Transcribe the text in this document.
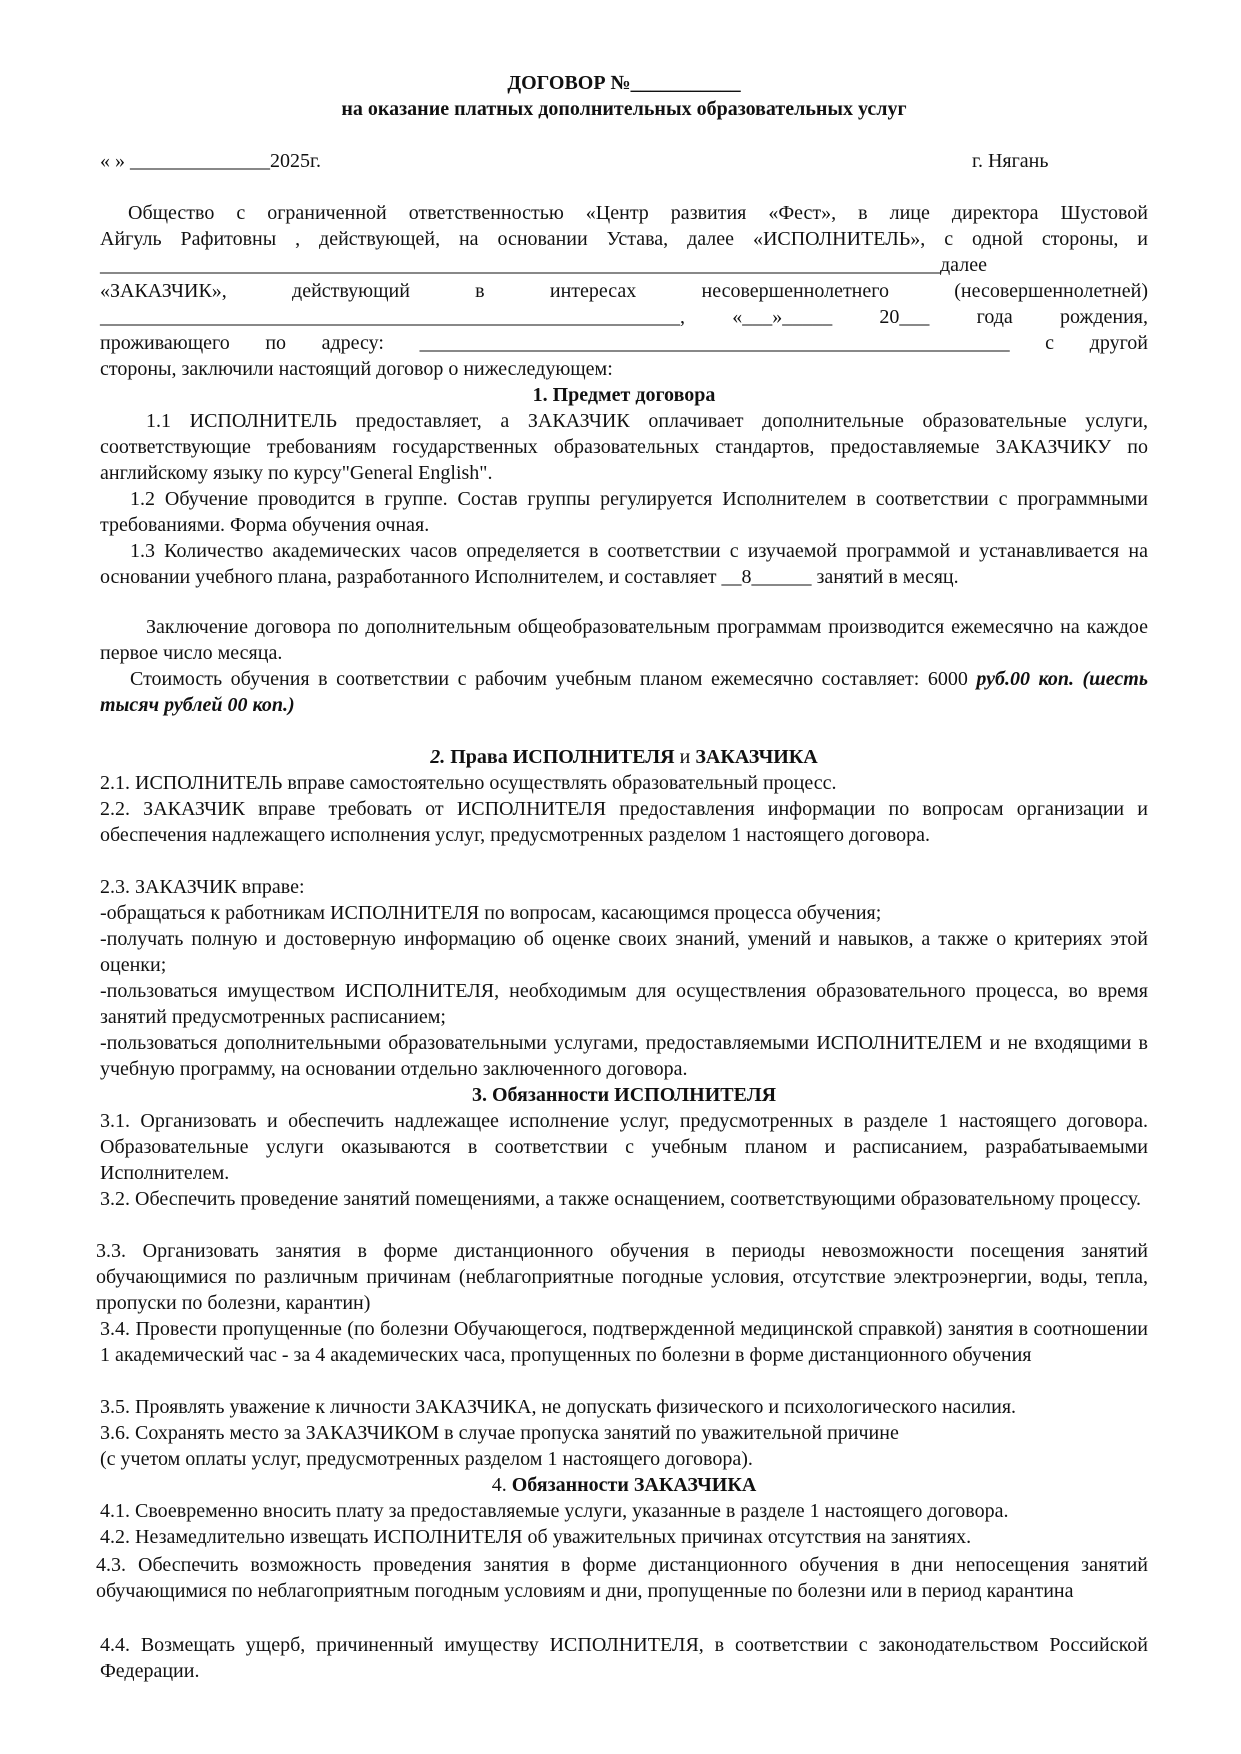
ДОГОВОР №___________
на оказание платных дополнительных образовательных услуг
« » ______________2025г.	г. Нягань
Общество с ограниченной ответственностью «Центр развития «Фест», в лице директора Шустовой
Айгуль Рафитовны , действующей, на основании Устава, далее «ИСПОЛНИТЕЛЬ», с одной стороны, и
____________________________________________________________________________________далее
«ЗАКАЗЧИК», действующий в интересах несовершеннолетнего (несовершеннолетней)
__________________________________________________________, «___»_____ 20___ года рождения,
проживающего по адресу: ___________________________________________________________ с другой
стороны, заключили настоящий договор о нижеследующем:
1. Предмет договора
1.1 ИСПОЛНИТЕЛЬ предоставляет, а ЗАКАЗЧИК оплачивает дополнительные образовательные услуги, соответствующие требованиям государственных образовательных стандартов, предоставляемые ЗАКАЗЧИКУ по английскому языку по курсу"General English".
1.2 Обучение проводится в группе. Состав группы регулируется Исполнителем в соответствии с программными требованиями. Форма обучения очная.
1.3 Количество академических часов определяется в соответствии с изучаемой программой и устанавливается на основании учебного плана, разработанного Исполнителем, и составляет __8______ занятий в месяц.
Заключение договора по дополнительным общеобразовательным программам производится ежемесячно на каждое первое число месяца.
Стоимость обучения в соответствии с рабочим учебным планом ежемесячно составляет: 6000 руб.00 коп. (шесть тысяч рублей 00 коп.)
2. Права ИСПОЛНИТЕЛЯ и ЗАКАЗЧИКА
2.1. ИСПОЛНИТЕЛЬ вправе самостоятельно осуществлять образовательный процесс.
2.2. ЗАКАЗЧИК вправе требовать от ИСПОЛНИТЕЛЯ предоставления информации по вопросам организации и обеспечения надлежащего исполнения услуг, предусмотренных разделом 1 настоящего договора.
2.3. ЗАКАЗЧИК вправе:
-обращаться к работникам ИСПОЛНИТЕЛЯ по вопросам, касающимся процесса обучения;
-получать полную и достоверную информацию об оценке своих знаний, умений и навыков, а также о критериях этой оценки;
-пользоваться имуществом ИСПОЛНИТЕЛЯ, необходимым для осуществления образовательного процесса, во время занятий предусмотренных расписанием;
-пользоваться дополнительными образовательными услугами, предоставляемыми ИСПОЛНИТЕЛЕМ и не входящими в учебную программу, на основании отдельно заключенного договора.
3. Обязанности ИСПОЛНИТЕЛЯ
3.1. Организовать и обеспечить надлежащее исполнение услуг, предусмотренных в разделе 1 настоящего договора. Образовательные услуги оказываются в соответствии с учебным планом и расписанием, разрабатываемыми Исполнителем.
3.2. Обеспечить проведение занятий помещениями, а также оснащением, соответствующими образовательному процессу.
3.3. Организовать занятия в форме дистанционного обучения в периоды невозможности посещения занятий обучающимися по различным причинам (неблагоприятные погодные условия, отсутствие электроэнергии, воды, тепла, пропуски по болезни, карантин)
3.4. Провести пропущенные (по болезни Обучающегося, подтвержденной медицинской справкой) занятия в соотношении 1 академический час - за 4 академических часа, пропущенных по болезни в форме дистанционного обучения
3.5. Проявлять уважение к личности ЗАКАЗЧИКА, не допускать физического и психологического насилия.
3.6. Сохранять место за ЗАКАЗЧИКОМ в случае пропуска занятий по уважительной причине
(с учетом оплаты услуг, предусмотренных разделом 1 настоящего договора).
4. Обязанности ЗАКАЗЧИКА
4.1. Своевременно вносить плату за предоставляемые услуги, указанные в разделе 1 настоящего договора.
4.2. Незамедлительно извещать ИСПОЛНИТЕЛЯ об уважительных причинах отсутствия на занятиях.
4.3. Обеспечить возможность проведения занятия в форме дистанционного обучения в дни непосещения занятий обучающимися по неблагоприятным погодным условиям и дни, пропущенные по болезни или в период карантина
4.4. Возмещать ущерб, причиненный имуществу ИСПОЛНИТЕЛЯ, в соответствии с законодательством Российской Федерации.
